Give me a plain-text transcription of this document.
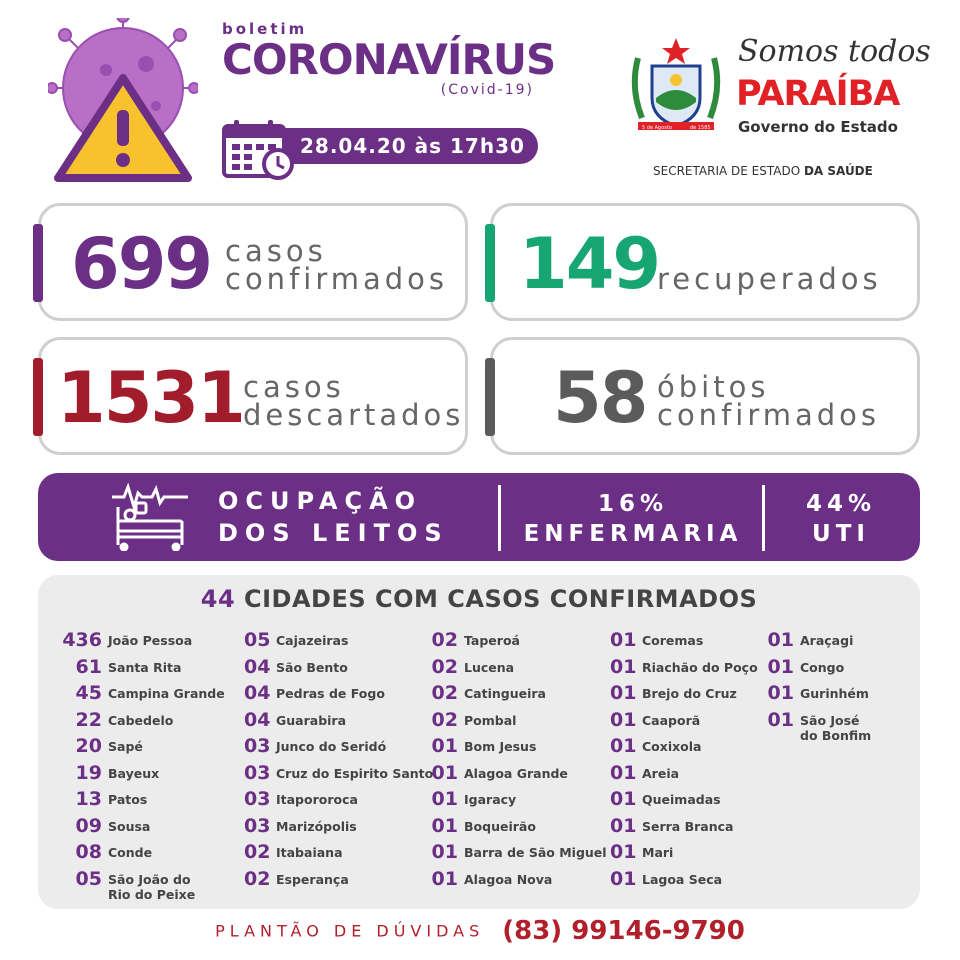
boletim
CORONAVÍRUS
(Covid-19)
28.04.20 às 17h30
5 de Agosto	de 1585
Somos todos
PARAÍBA
Governo do Estado
SECRETARIA DE ESTADO DA SAÚDE
699 casos
confirmados 149
recuperados
1531 casos
descartados 58 óbitos
confirmados
OCUPAÇÃO
DOS LEITOS
16%
ENFERMARIA
44%
UTI
44 CIDADES COM CASOS CONFIRMADOS
436 João Pessoa
61 Santa Rita
45 Campina Grande
22 Cabedelo
20 Sapé
19 Bayeux
13 Patos
09 Sousa
08 Conde
05 São João do
Rio do Peixe
05 Cajazeiras
04 São Bento
04 Pedras de Fogo
04 Guarabira
03 Junco do Seridó
03 Cruz do Espirito Santo
03 Itapororoca
03 Marizópolis
02 Itabaiana
02 Esperança
02 Taperoá
02 Lucena
02 Catingueira
02 Pombal
01 Bom Jesus
01 Alagoa Grande
01 Igaracy
01 Boqueirão
01 Barra de São Miguel
01 Alagoa Nova
01 Coremas
01 Riachão do Poço
01 Brejo do Cruz
01 Caaporã
01 Coxixola
01 Areia
01 Queimadas
01 Serra Branca
01 Mari
01 Lagoa Seca
01 Araçagi
01 Congo
01 Gurinhém
01 São José
do Bonfim
PLANTÃO DE DÚVIDAS (83) 99146-9790
